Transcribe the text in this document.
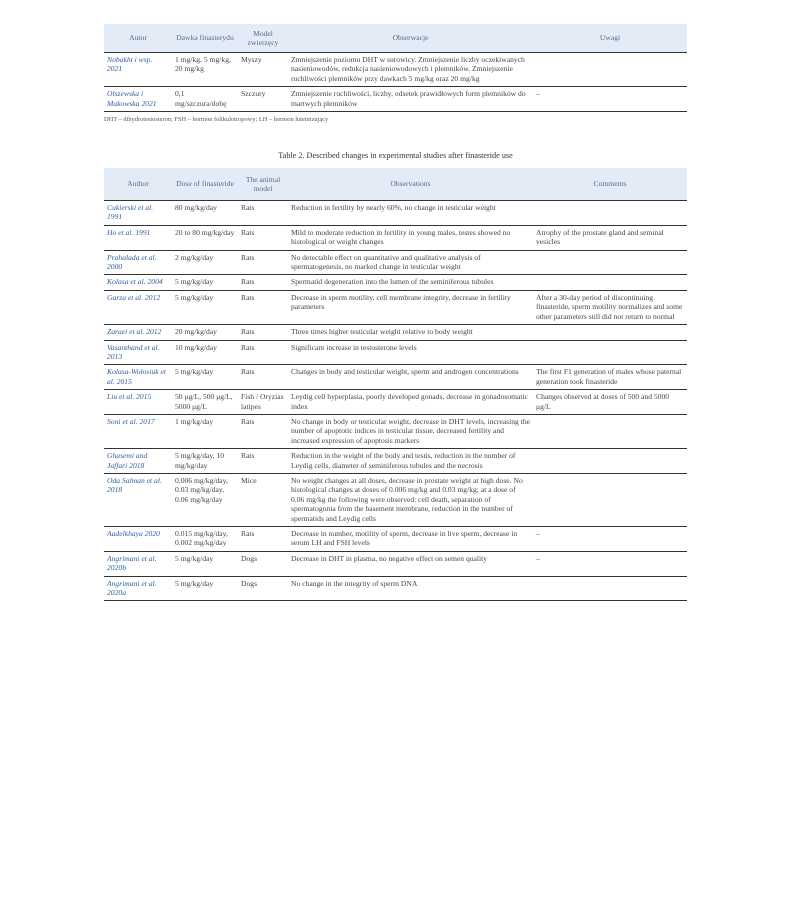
Autor	Dawka finasterydu	Model zwierzęcy	Obserwacje	Uwagi
Nobakht i wsp. 2021	1 mg/kg, 5 mg/kg, 20 mg/kg	Myszy	Zmniejszenie poziomu DHT w surowicy. Zmniejszenie liczby oczekiwanych nasieniowodów, redukcja nasieniowodowych i plemników. Zmniejszenie ruchliwości plemników przy dawkach 5 mg/kg oraz 20 mg/kg	
Olszewska i Makowska 2021	0,1 mg/szczura/dobę	Szczury	Zmniejszenie ruchliwości, liczby, odsetek prawidłowych form plemników do martwych plemników	–
DHT – dihydrotestosteron; FSH – hormon folikulotropowy; LH – hormon luteinizujący
Table 2. Described changes in experimental studies after finasteride use
Author	Dose of finasteride	The animal model	Observations	Comments
Cukierski et al. 1991	80 mg/kg/day	Rats	Reduction in fertility by nearly 60%, no change in testicular weight	
Ho et al. 1991	20 to 80 mg/kg/day	Rats	Mild to moderate reduction in fertility in young males, testes showed no histological or weight changes	Atrophy of the prostate gland and seminal vesicles
Prahalada et al. 2000	2 mg/kg/day	Rats	No detectable effect on quantitative and qualitative analysis of spermatogenesis, no marked change in testicular weight	
Kolasa et al. 2004	5 mg/kg/day	Rats	Spermatid degeneration into the lumen of the seminiferous tubules	
Garza et al. 2012	5 mg/kg/day	Rats	Decrease in sperm motility, cell membrane integrity, decrease in fertility parameters	After a 30-day period of discontinuing finasteride, sperm motility normalizes and some other parameters still did not return to normal
Zaraei et al. 2012	20 mg/kg/day	Rats	Three times higher testicular weight relative to body weight	
Vasanthand et al. 2013	10 mg/kg/day	Rats	Significant increase in testosterone levels	
Kolasa-Wołosiuk et al. 2015	5 mg/kg/day	Rats	Changes in body and testicular weight, sperm and androgen concentrations	The first F1 generation of males whose paternal generation took finasteride
Liu et al. 2015	50 μg/L, 500 μg/L, 5000 μg/L	Fish / Oryzias latipes	Leydig cell hyperplasia, poorly developed gonads, decrease in gonadosomatic index	Changes observed at doses of 500 and 5000 μg/L
Soni et al. 2017	1 mg/kg/day	Rats	No change in body or testicular weight, decrease in DHT levels, increasing the number of apoptotic indices in testicular tissue, decreased fertility and increased expression of apoptosis markers	
Ghasemi and Jaffari 2018	5 mg/kg/day, 10 mg/kg/day	Rats	Reduction in the weight of the body and testis, reduction in the number of Leydig cells, diameter of seminiferous tubules and the necrosis	
Oda Salman et al. 2018	0.006 mg/kg/day, 0.03 mg/kg/day, 0.06 mg/kg/day	Mice	No weight changes at all doses, decrease in prostate weight at high dose. No histological changes at doses of 0.006 mg/kg and 0.03 mg/kg; at a dose of 0.06 mg/kg the following were observed: cell death, separation of spermatogonia from the basement membrane, reduction in the number of spermatids and Leydig cells	
Aadelkhaya 2020	0.015 mg/kg/day, 0.002 mg/kg/day	Rats	Decrease in number, motility of sperm, decrease in live sperm, decrease in serum LH and FSH levels	–
Angrimani et al. 2020b	5 mg/kg/day	Dogs	Decrease in DHT in plasma, no negative effect on semen quality	–
Angrimani et al. 2020a	5 mg/kg/day	Dogs	No change in the integrity of sperm DNA	
